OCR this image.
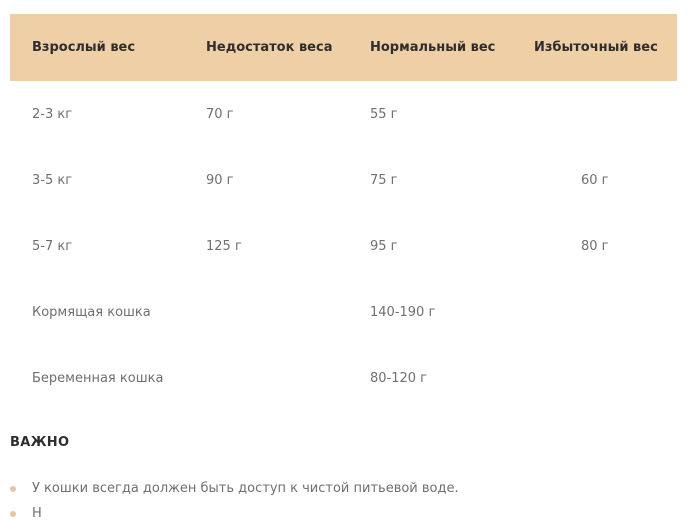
Взрослый вес	Недостаток веса	Нормальный вес	Избыточный вес
2-3 кг	70 г	55 г	
3-5 кг	90 г	75 г	60 г
5-7 кг	125 г	95 г	80 г
Кормящая кошка		140-190 г	
Беременная кошка		80-120 г	
ВАЖНО
У кошки всегда должен быть доступ к чистой питьевой воде.
Н
